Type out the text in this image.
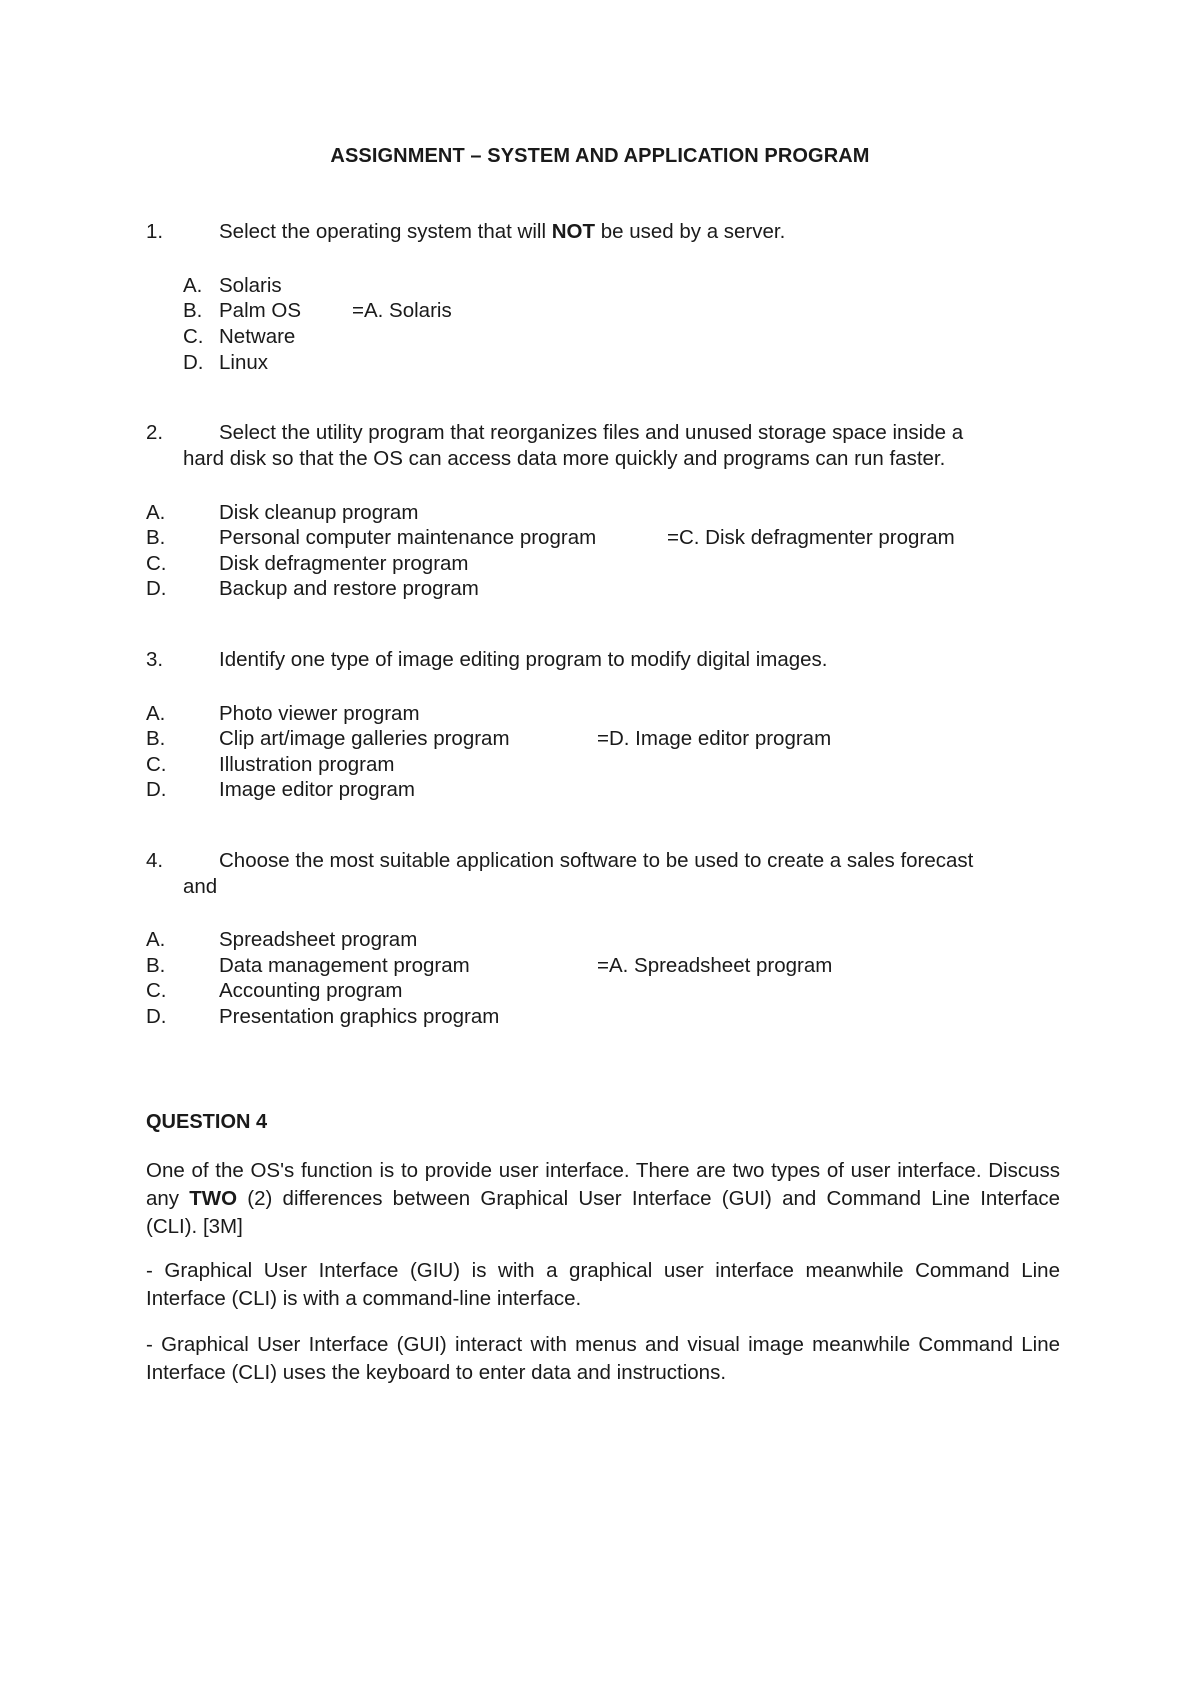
ASSIGNMENT – SYSTEM AND APPLICATION PROGRAM
1.	Select the operating system that will NOT be used by a server.
A. Solaris
B. Palm OS =A. Solaris
C. Netware
D. Linux
2.	Select the utility program that reorganizes files and unused storage space inside a
hard disk so that the OS can access data more quickly and programs can run faster.
A.	Disk cleanup program
B.	Personal computer maintenance program	=C. Disk defragmenter program
C.	Disk defragmenter program
D.	Backup and restore program
3.	Identify one type of image editing program to modify digital images.
A.	Photo viewer program
B.	Clip art/image galleries program	=D. Image editor program
C.	Illustration program
D.	Image editor program
4.	Choose the most suitable application software to be used to create a sales forecast
and
A.	Spreadsheet program
B.	Data management program	=A. Spreadsheet program
C.	Accounting program
D.	Presentation graphics program
QUESTION 4
One of the OS's function is to provide user interface. There are two types of user interface. Discuss any TWO (2) differences between Graphical User Interface (GUI) and Command Line Interface (CLI). [3M]
- Graphical User Interface (GIU) is with a graphical user interface meanwhile Command Line Interface (CLI) is with a command-line interface.
- Graphical User Interface (GUI) interact with menus and visual image meanwhile Command Line Interface (CLI) uses the keyboard to enter data and instructions.
